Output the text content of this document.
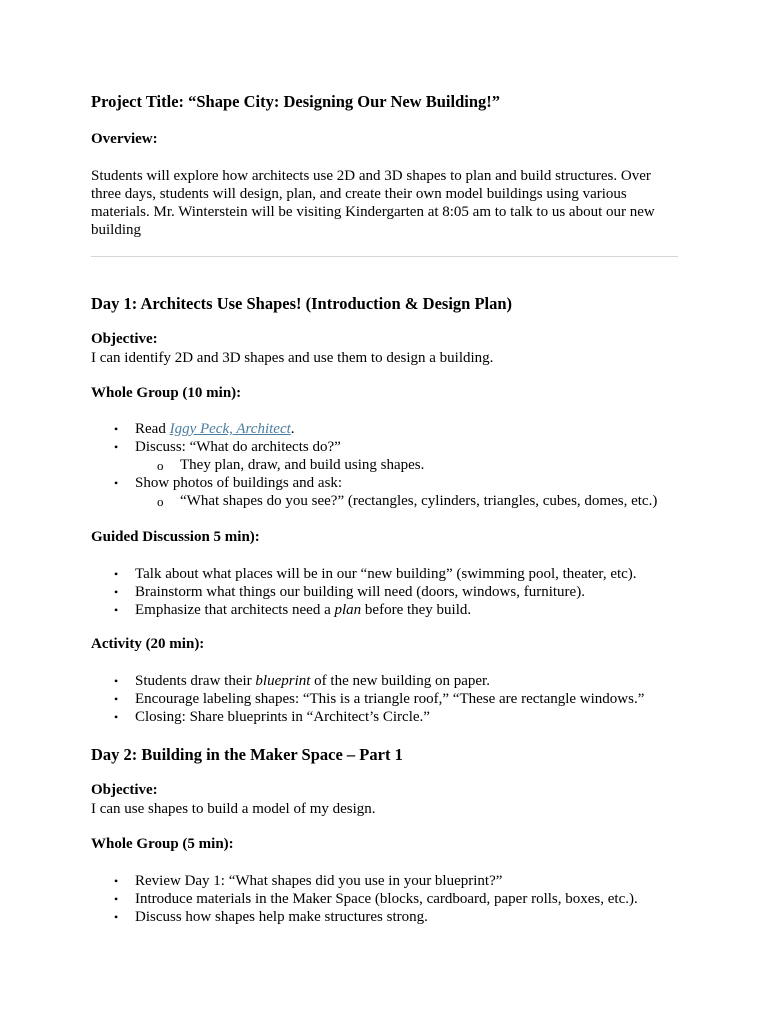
Project Title: “Shape City: Designing Our New Building!”

Overview:

Students will explore how architects use 2D and 3D shapes to plan and build structures. Over three days, students will design, plan, and create their own model buildings using various materials. Mr. Winterstein will be visiting Kindergarten at 8:05 am to talk to us about our new building

Day 1: Architects Use Shapes! (Introduction & Design Plan)

Objective:

I can identify 2D and 3D shapes and use them to design a building.

Whole Group (10 min):

• Read Iggy Peck, Architect.
• Discuss: “What do architects do?”
o They plan, draw, and build using shapes.
• Show photos of buildings and ask:
o “What shapes do you see?” (rectangles, cylinders, triangles, cubes, domes, etc.)

Guided Discussion 5 min):

• Talk about what places will be in our “new building” (swimming pool, theater, etc).
• Brainstorm what things our building will need (doors, windows, furniture).
• Emphasize that architects need a plan before they build.

Activity (20 min):

• Students draw their blueprint of the new building on paper.
• Encourage labeling shapes: “This is a triangle roof,” “These are rectangle windows.”
• Closing: Share blueprints in “Architect’s Circle.”

Day 2: Building in the Maker Space – Part 1

Objective:

I can use shapes to build a model of my design.

Whole Group (5 min):

• Review Day 1: “What shapes did you use in your blueprint?”
• Introduce materials in the Maker Space (blocks, cardboard, paper rolls, boxes, etc.).
• Discuss how shapes help make structures strong.
